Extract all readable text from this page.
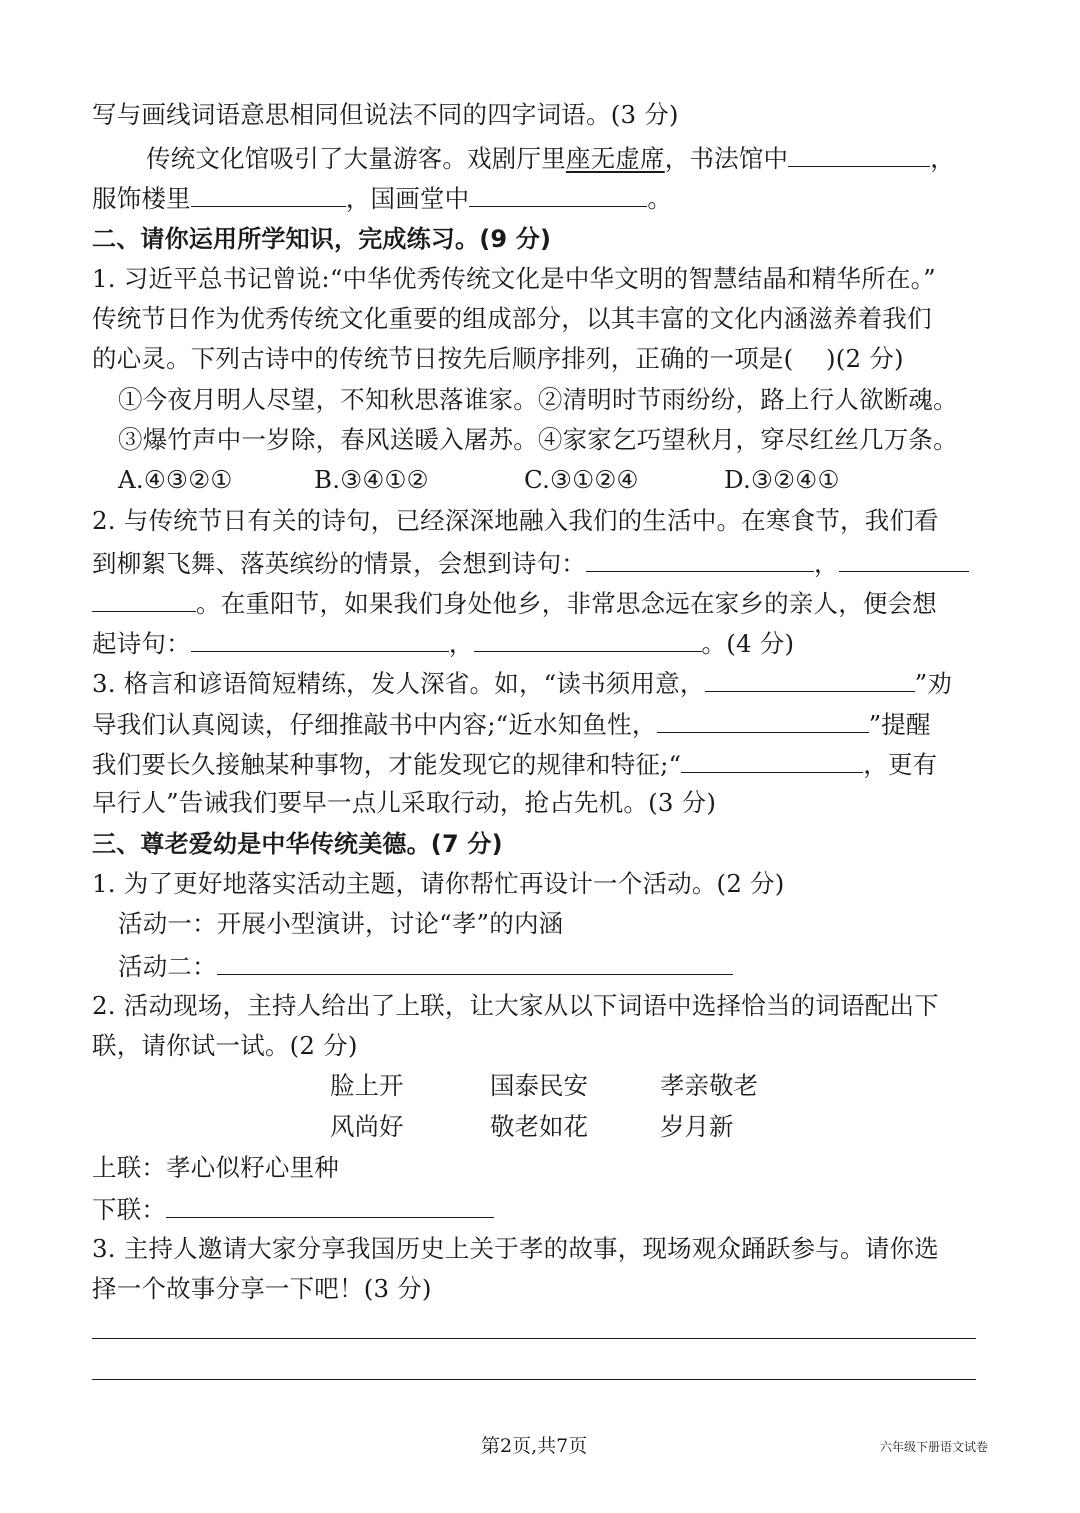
写与画线词语意思相同但说法不同的四字词语。(3 分)
传统文化馆吸引了大量游客。戏剧厅里座无虚席，书法馆中	，
服饰楼里	，国画堂中	。
二、请你运用所学知识，完成练习。(9 分)
1. 习近平总书记曾说:“中华优秀传统文化是中华文明的智慧结晶和精华所在。”
传统节日作为优秀传统文化重要的组成部分，以其丰富的文化内涵滋养着我们
的心灵。下列古诗中的传统节日按先后顺序排列，正确的一项是(　 )(2 分)
①今夜月明人尽望，不知秋思落谁家。②清明时节雨纷纷，路上行人欲断魂。
③爆竹声中一岁除，春风送暖入屠苏。④家家乞巧望秋月，穿尽红丝几万条。
A.④③②①	B.③④①②	C.③①②④	D.③②④①
2. 与传统节日有关的诗句，已经深深地融入我们的生活中。在寒食节，我们看
到柳絮飞舞、落英缤纷的情景，会想到诗句：	，
。在重阳节，如果我们身处他乡，非常思念远在家乡的亲人，便会想
起诗句：	，	。(4 分)
3. 格言和谚语简短精练，发人深省。如，“读书须用意，	”劝
导我们认真阅读，仔细推敲书中内容;“近水知鱼性，	”提醒
我们要长久接触某种事物，才能发现它的规律和特征;“	，更有
早行人”告诫我们要早一点儿采取行动，抢占先机。(3 分)
三、尊老爱幼是中华传统美德。(7 分)
1. 为了更好地落实活动主题，请你帮忙再设计一个活动。(2 分)
活动一：开展小型演讲，讨论“孝”的内涵
活动二：
2. 活动现场，主持人给出了上联，让大家从以下词语中选择恰当的词语配出下
联，请你试一试。(2 分)
脸上开	国泰民安	孝亲敬老
风尚好	敬老如花	岁月新
上联：孝心似籽心里种
下联：
3. 主持人邀请大家分享我国历史上关于孝的故事，现场观众踊跃参与。请你选
择一个故事分享一下吧！(3 分)
第2页,共7页	六年级下册语文试卷
